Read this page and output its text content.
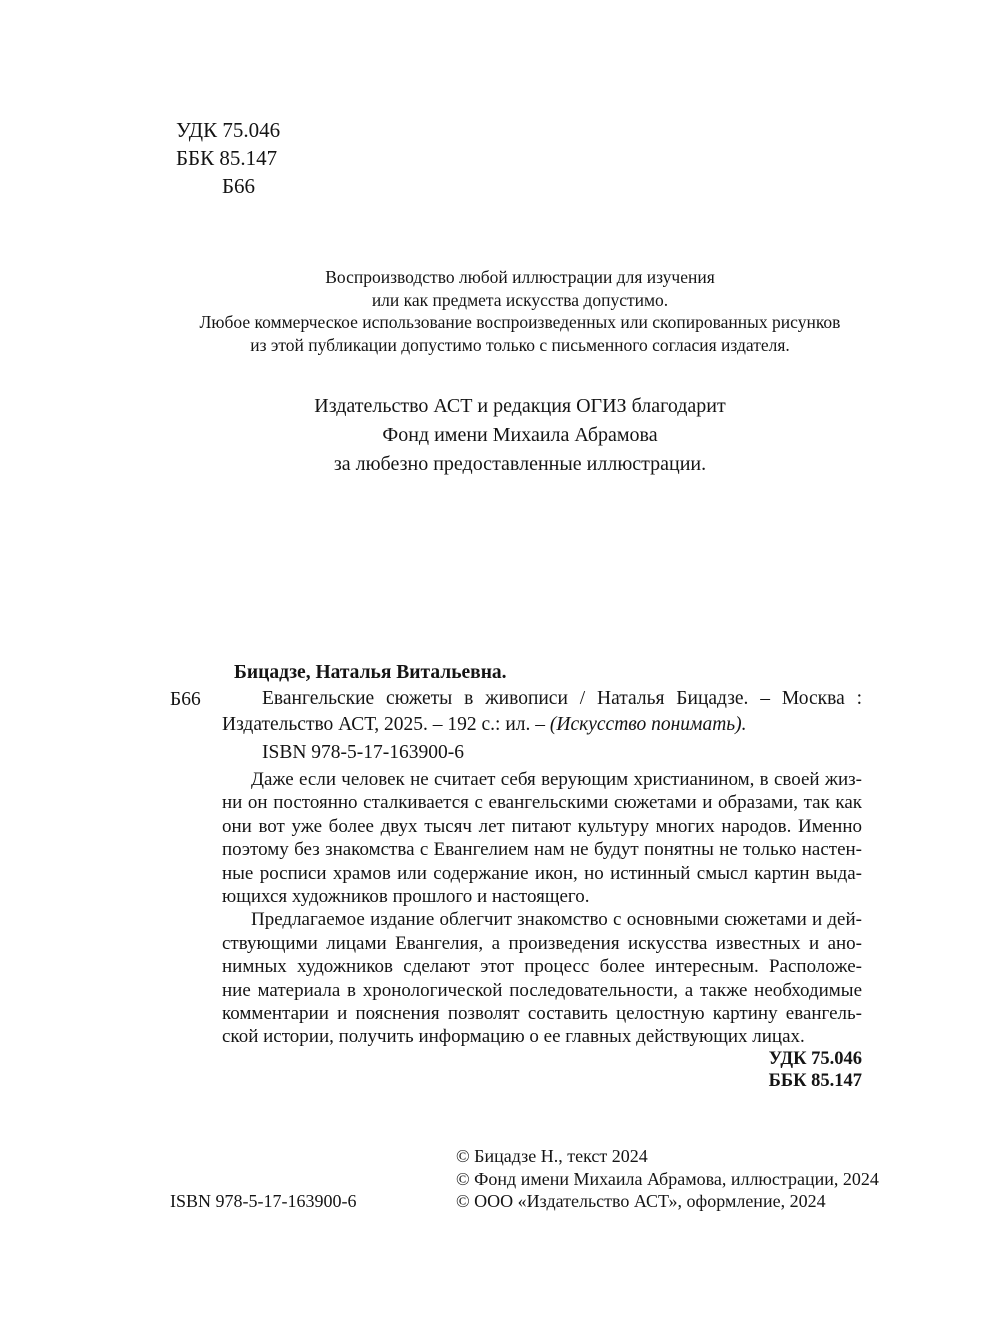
УДК 75.046
ББК 85.147
Б66
Воспроизводство любой иллюстрации для изучения
или как предмета искусства допустимо.
Любое коммерческое использование воспроизведенных или скопированных рисунков
из этой публикации допустимо только с письменного согласия издателя.
Издательство АСТ и редакция ОГИЗ благодарит
Фонд имени Михаила Абрамова
за любезно предоставленные иллюстрации.
Б66
Бицадзе, Наталья Витальевна.
Евангельские сюжеты в живописи / Наталья Бицадзе. – Москва :
Издательство АСТ, 2025. – 192 с.: ил. – (Искусство понимать).
ISBN 978-5-17-163900-6
Даже если человек не считает себя верующим христианином, в своей жиз-
ни он постоянно сталкивается с евангельскими сюжетами и образами, так как
они вот уже более двух тысяч лет питают культуру многих народов. Именно
поэтому без знакомства с Евангелием нам не будут понятны не только настен-
ные росписи храмов или содержание икон, но истинный смысл картин выда-
ющихся художников прошлого и настоящего.
Предлагаемое издание облегчит знакомство с основными сюжетами и дей-
ствующими лицами Евангелия, а произведения искусства известных и ано-
нимных художников сделают этот процесс более интересным. Расположе-
ние материала в хронологической последовательности, а также необходимые
комментарии и пояснения позволят составить целостную картину евангель-
ской истории, получить информацию о ее главных действующих лицах.
УДК 75.046
ББК 85.147
ISBN 978-5-17-163900-6
© Бицадзе Н., текст 2024
© Фонд имени Михаила Абрамова, иллюстрации, 2024
© ООО «Издательство АСТ», оформление, 2024
